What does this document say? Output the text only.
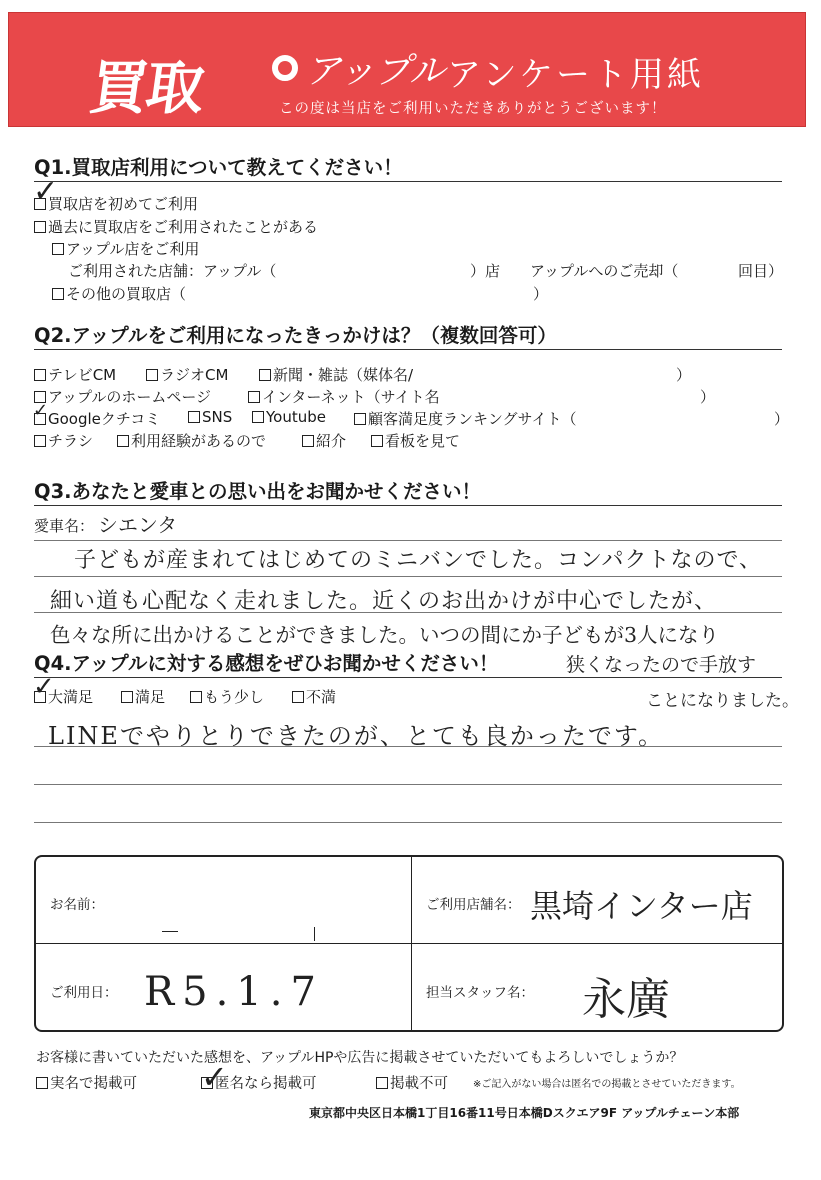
買取	アップル アンケート用紙
この度は当店をご利用いただきありがとうございます！
Q1.買取店利用について教えてください！
買取店を初めてご利用
✓
過去に買取店をご利用されたことがある
アップル店をご利用
ご利用された店舗：アップル（	）店 アップルへのご売却（	回目）
その他の買取店（	）
Q2.アップルをご利用になったきっかけは？（複数回答可）
テレビCM	ラジオCM	新聞・雑誌（媒体名/	）
アップルのホームページ	インターネット（サイト名	）
Googleクチコミ
✓	SNS	Youtube	顧客満足度ランキングサイト（	）
チラシ	利用経験があるので	紹介	看板を見て
Q3.あなたと愛車との思い出をお聞かせください！
愛車名： シエンタ
子どもが産まれてはじめてのミニバンでした。コンパクトなので、
細い道も心配なく走れました。近くのお出かけが中心でしたが、
色々な所に出かけることができました。いつの間にか子どもが3人になり
Q4.アップルに対する感想をぜひお聞かせください！	狭くなったので手放す
大満足
✓	満足	もう少し	不満	ことになりました。
LINEでやりとりできたのが、とても良かったです。
お名前：	ご利用店舗名： 黒埼インター店
ご利用日： R5.1.7	担当スタッフ名： 永廣
お客様に書いていただいた感想を、アップルHPや広告に掲載させていただいてもよろしいでしょうか？
実名で掲載可	匿名なら掲載可
✓	掲載不可	※ご記入がない場合は匿名での掲載とさせていただきます。
東京都中央区日本橋1丁目16番11号日本橋Dスクエア9F アップルチェーン本部
